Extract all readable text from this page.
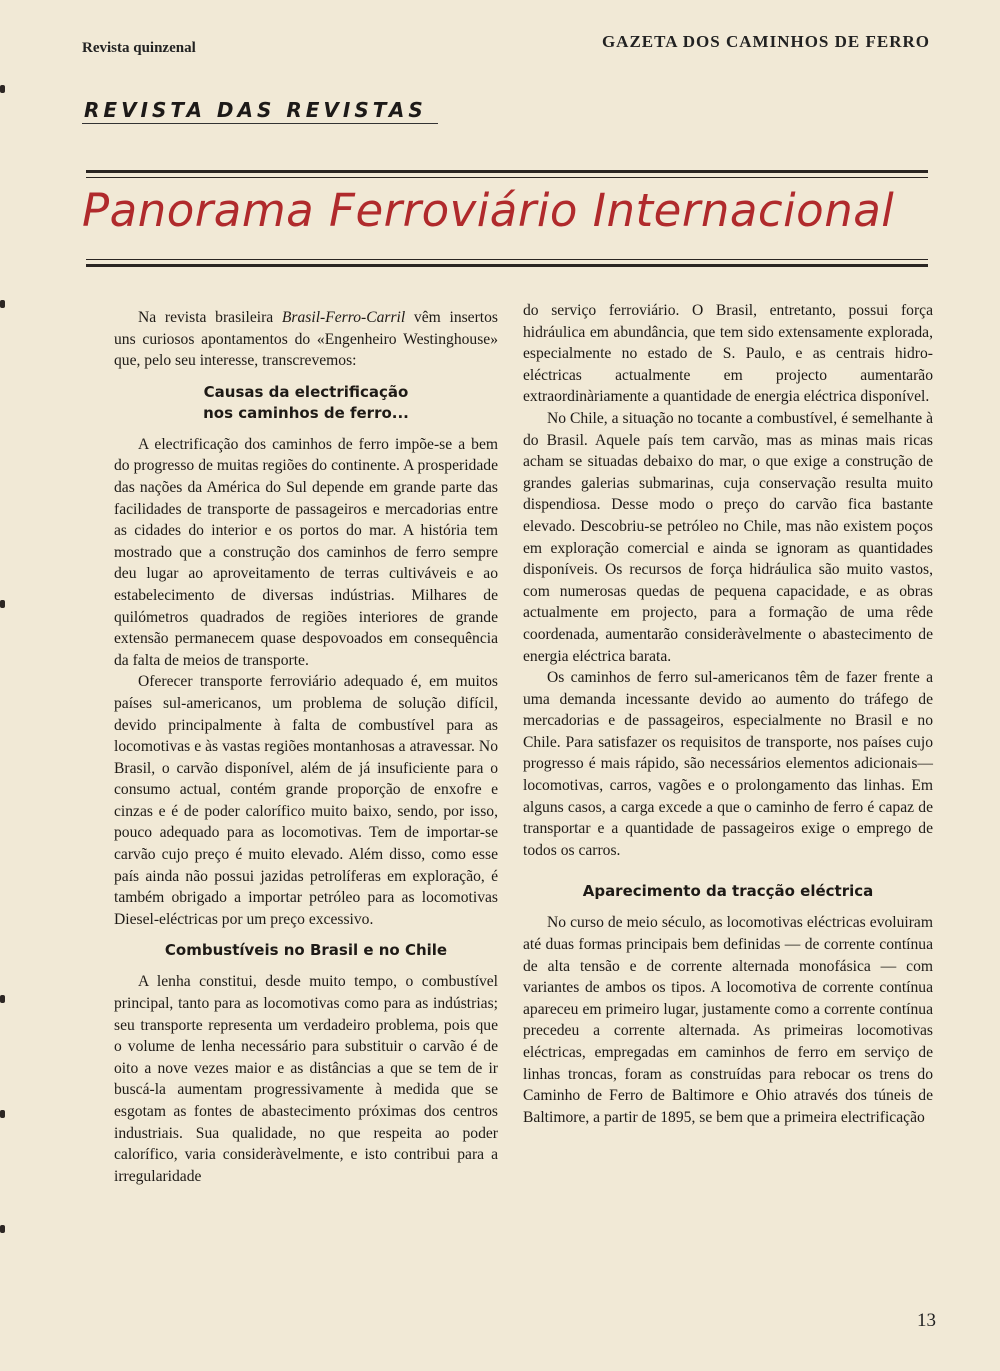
Revista quinzenal	GAZETA DOS CAMINHOS DE FERRO
REVISTA DAS REVISTAS
Panorama Ferroviário Internacional

Na revista brasileira Brasil-Ferro-Carril vêm insertos uns curiosos apontamentos do «Engenheiro Westinghouse» que, pelo seu interesse, transcrevemos:

Causas da electrificação
nos caminhos de ferro...

A electrificação dos caminhos de ferro impõe-se a bem do progresso de muitas regiões do continente. A prosperidade das nações da América do Sul depende em grande parte das facilidades de transporte de passageiros e mercadorias entre as cidades do interior e os portos do mar. A história tem mostrado que a construção dos caminhos de ferro sempre deu lugar ao aproveitamento de terras cultiváveis e ao estabelecimento de diversas indústrias. Milhares de quilómetros quadrados de regiões interiores de grande extensão permanecem quase despovoados em consequência da falta de meios de transporte.

Oferecer transporte ferroviário adequado é, em muitos países sul-americanos, um problema de solução difícil, devido principalmente à falta de combustível para as locomotivas e às vastas regiões montanhosas a atravessar. No Brasil, o carvão disponível, além de já insuficiente para o consumo actual, contém grande proporção de enxofre e cinzas e é de poder calorífico muito baixo, sendo, por isso, pouco adequado para as locomotivas. Tem de importar-se carvão cujo preço é muito elevado. Além disso, como esse país ainda não possui jazidas petrolíferas em exploração, é também obrigado a importar petróleo para as locomotivas Diesel-eléctricas por um preço excessivo.

Combustíveis no Brasil e no Chile

A lenha constitui, desde muito tempo, o combustível principal, tanto para as locomotivas como para as indústrias; seu transporte representa um verdadeiro problema, pois que o volume de lenha necessário para substituir o carvão é de oito a nove vezes maior e as distâncias a que se tem de ir buscá-la aumentam progressivamente à medida que se esgotam as fontes de abastecimento próximas dos centros industriais. Sua qualidade, no que respeita ao poder calorífico, varia consideràvelmente, e isto contribui para a irregularidade

do serviço ferroviário. O Brasil, entretanto, possui força hidráulica em abundância, que tem sido extensamente explorada, especialmente no estado de S. Paulo, e as centrais hidro-eléctricas actualmente em projecto aumentarão extraordinàriamente a quantidade de energia eléctrica disponível.

No Chile, a situação no tocante a combustível, é semelhante à do Brasil. Aquele país tem carvão, mas as minas mais ricas acham se situadas debaixo do mar, o que exige a construção de grandes galerias submarinas, cuja conservação resulta muito dispendiosa. Desse modo o preço do carvão fica bastante elevado. Descobriu-se petróleo no Chile, mas não existem poços em exploração comercial e ainda se ignoram as quantidades disponíveis. Os recursos de força hidráulica são muito vastos, com numerosas quedas de pequena capacidade, e as obras actualmente em projecto, para a formação de uma rêde coordenada, aumentarão consideràvelmente o abastecimento de energia eléctrica barata.

Os caminhos de ferro sul-americanos têm de fazer frente a uma demanda incessante devido ao aumento do tráfego de mercadorias e de passageiros, especialmente no Brasil e no Chile. Para satisfazer os requisitos de transporte, nos países cujo progresso é mais rápido, são necessários elementos adicionais—locomotivas, carros, vagões e o prolongamento das linhas. Em alguns casos, a carga excede a que o caminho de ferro é capaz de transportar e a quantidade de passageiros exige o emprego de todos os carros.

Aparecimento da tracção eléctrica

No curso de meio século, as locomotivas eléctricas evoluiram até duas formas principais bem definidas — de corrente contínua de alta tensão e de corrente alternada monofásica — com variantes de ambos os tipos. A locomotiva de corrente contínua apareceu em primeiro lugar, justamente como a corrente contínua precedeu a corrente alternada. As primeiras locomotivas eléctricas, empregadas em caminhos de ferro em serviço de linhas troncas, foram as construídas para rebocar os trens do Caminho de Ferro de Baltimore e Ohio através dos túneis de Baltimore, a partir de 1895, se bem que a primeira electrificação

13
